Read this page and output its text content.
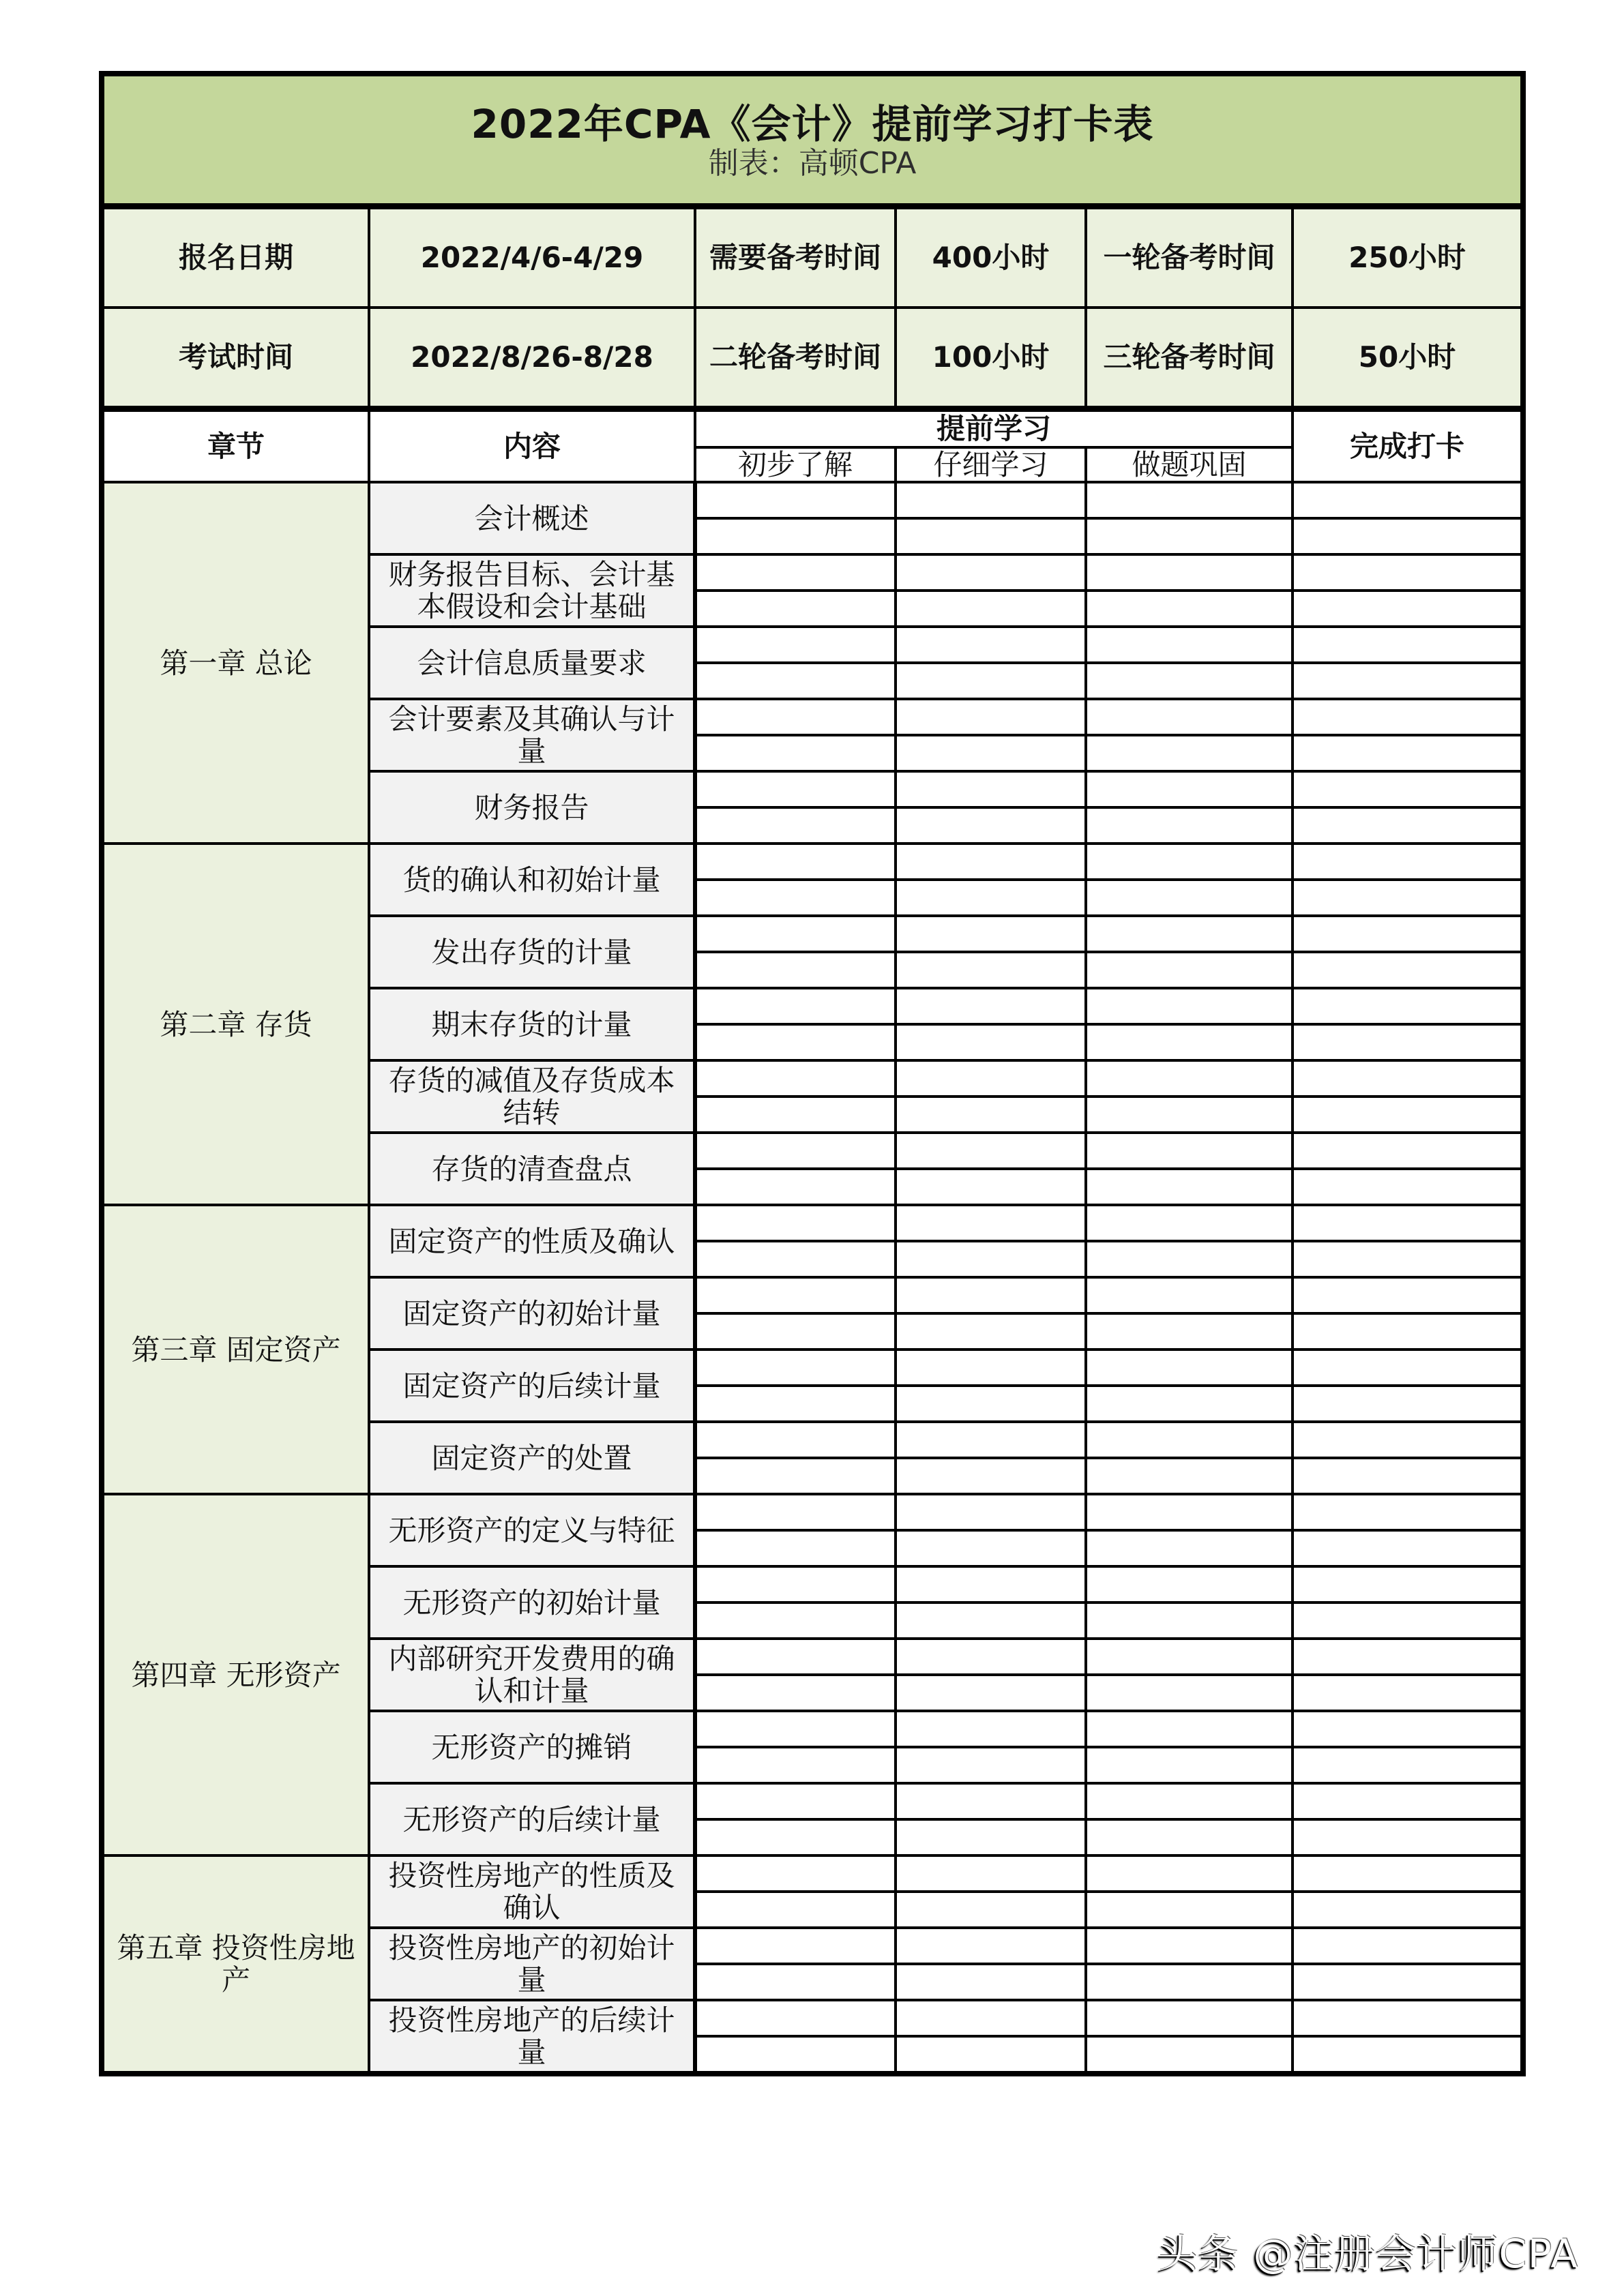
2022年CPA《会计》提前学习打卡表
制表：高顿CPA					

报名日期	2022/4/6-4/29	需要备考时间	400小时	一轮备考时间	250小时
考试时间	2022/8/26-8/28	二轮备考时间	100小时	三轮备考时间	50小时
章节	内容	提前学习			完成打卡
		初步了解	仔细学习	做题巩固	
第一章 总论	会计概述				

	财务报告目标、会计基本假设和会计基础				

	会计信息质量要求				

	会计要素及其确认与计量				

	财务报告				

第二章 存货	货的确认和初始计量				

	发出存货的计量				

	期末存货的计量				

	存货的减值及存货成本结转				

	存货的清查盘点				

第三章 固定资产	固定资产的性质及确认				

	固定资产的初始计量				

	固定资产的后续计量				

	固定资产的处置				

第四章 无形资产	无形资产的定义与特征				

	无形资产的初始计量				

	内部研究开发费用的确认和计量				

	无形资产的摊销				

	无形资产的后续计量				

第五章 投资性房地产	投资性房地产的性质及确认				

	投资性房地产的初始计量				

	投资性房地产的后续计量				

头条 @注册会计师CPA
